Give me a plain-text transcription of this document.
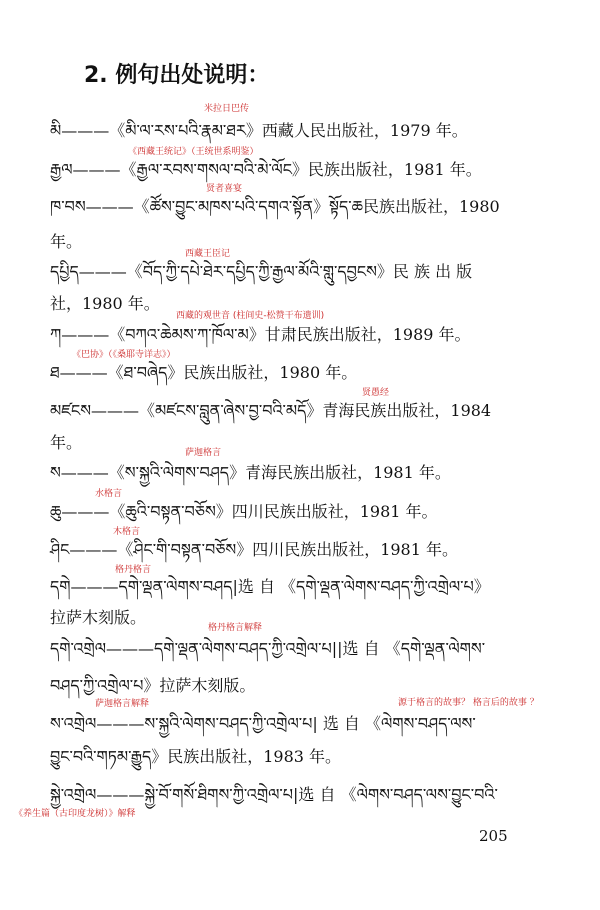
2. 例句出处说明：
མི———《མི་ལ་རས་པའི་རྣམ་ཐར》西藏人民出版社，1979 年。
རྒྱལ———《རྒྱལ་རབས་གསལ་བའི་མེ་ལོང》民族出版社，1981 年。
ཁ་བས———《ཚོས་བྱུང་མཁས་པའི་དགའ་སྟོན》སྟོད་ཆ民族出版社，1980
年。
དཔྱིད———《བོད་ཀྱི་དཔེ་ཐེར་དཔྱིད་ཀྱི་རྒྱལ་མོའི་གླུ་དབྱངས》民 族 出 版
社，1980 年。
ཀ———《བཀའ་ཆེམས་ཀ་ཁོལ་མ》甘肃民族出版社，1989 年。
ཐ———《ཐ་བཞེད》民族出版社，1980 年。
མཛངས———《མཛངས་བླུན་ཞེས་བྱ་བའི་མདོ》青海民族出版社，1984
年。
ས———《ས་སྐྱའི་ལེགས་བཤད》青海民族出版社，1981 年。
ཆུ———《ཆུའི་བསྟན་བཅོས》四川民族出版社，1981 年。
ཤིང———《ཤིང་གི་བསྟན་བཅོས》四川民族出版社，1981 年。
དགེ———དགེ་ལྡན་ལེགས་བཤད|选 自 《དགེ་ལྡན་ལེགས་བཤད་ཀྱི་འགྲེལ་པ》
拉萨木刻版。
དགེ་འགྲེལ———དགེ་ལྡན་ལེགས་བཤད་ཀྱི་འགྲེལ་པ||选 自 《དགེ་ལྡན་ལེགས་
བཤད་ཀྱི་འགྲེལ་པ》拉萨木刻版。
ས་འགྲེལ———ས་སྐྱའི་ལེགས་བཤད་ཀྱི་འགྲེལ་པ| 选 自 《ལེགས་བཤད་ལས་
བྱུང་བའི་གཏམ་རྒྱུད》民族出版社，1983 年。
སྐྱེ་འགྲེལ———སྐྱེ་བོ་གསོ་ཐིགས་ཀྱི་འགྲེལ་པ|选 自 《ལེགས་བཤད་ལས་བྱུང་བའི་
米拉日巴传
《西藏王统记》（王统世系明鉴）
贤者喜宴
西藏王臣记
西藏的观世音 (柱间史-松赞干布遗训)
《巴协》（《桑耶寺详志》）
贤愚经
萨迦格言
水格言
木格言
格丹格言
格丹格言解释
萨迦格言解释	源于格言的故事？ 格言后的故事 ？
《养生篇（古印度龙树）》解释
205
